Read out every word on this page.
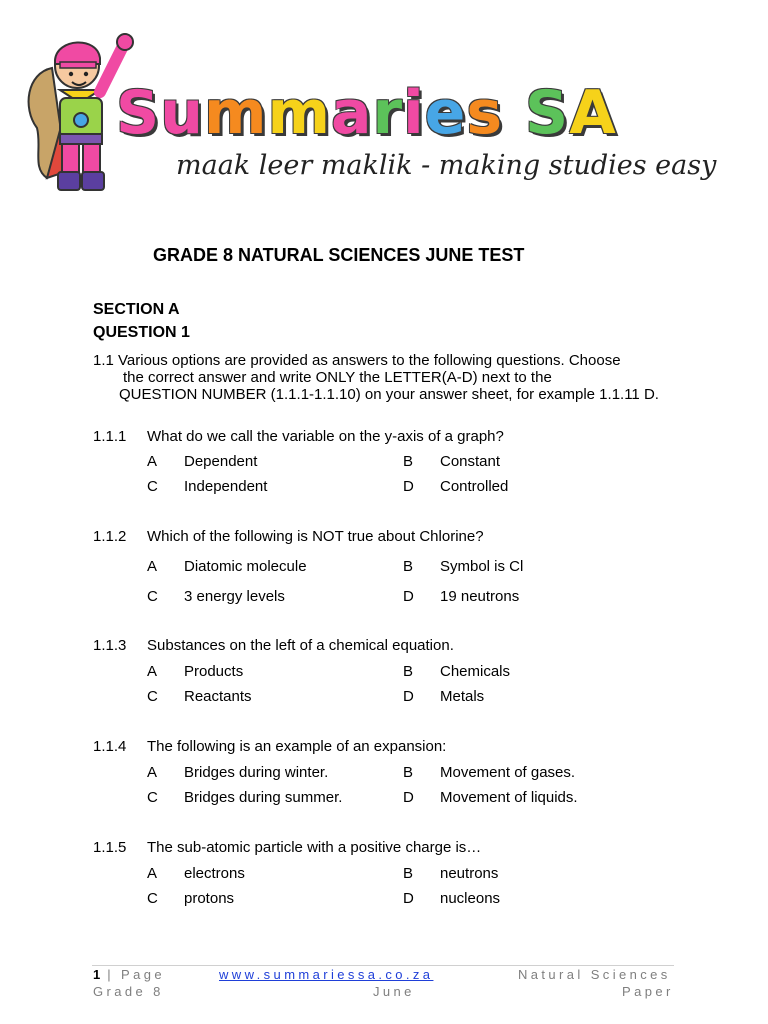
Summaries SA
maak leer maklik - making studies easy
GRADE 8 NATURAL SCIENCES JUNE TEST
SECTION A
QUESTION 1
1.1 Various options are provided as answers to the following questions. Choose
the correct answer and write ONLY the LETTER(A-D) next to the
QUESTION NUMBER (1.1.1-1.1.10) on your answer sheet, for example 1.1.11 D.
1.1.1 What do we call the variable on the y-axis of a graph?
A Dependent	B Constant
C Independent	D Controlled
1.1.2 Which of the following is NOT true about Chlorine?
A Diatomic molecule	B Symbol is Cl
C 3 energy levels	D 19 neutrons
1.1.3 Substances on the left of a chemical equation.
A Products	B Chemicals
C Reactants	D Metals
1.1.4 The following is an example of an expansion:
A Bridges during winter.	B Movement of gases.
C Bridges during summer.	D Movement of liquids.
1.1.5 The sub-atomic particle with a positive charge is…
A electrons	B neutrons
C protons	D nucleons
1 | Page	www.summariessa.co.za	Natural Sciences
Grade 8	June	Paper
